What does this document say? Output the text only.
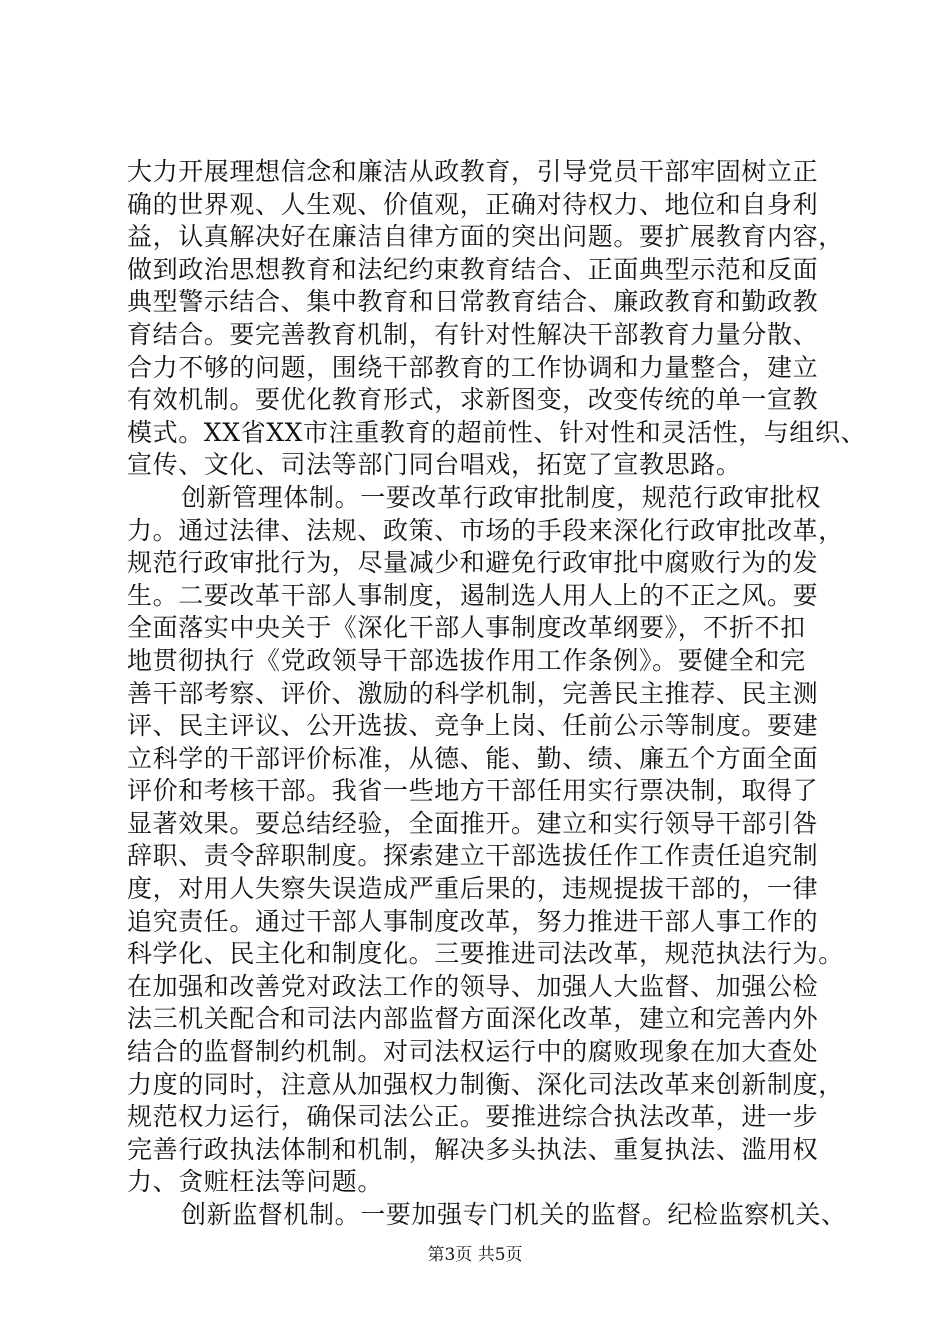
大力开展理想信念和廉洁从政教育，引导党员干部牢固树立正
确的世界观、人生观、价值观，正确对待权力、地位和自身利
益，认真解决好在廉洁自律方面的突出问题。要扩展教育内容，
做到政治思想教育和法纪约束教育结合、正面典型示范和反面
典型警示结合、集中教育和日常教育结合、廉政教育和勤政教
育结合。要完善教育机制，有针对性解决干部教育力量分散、
合力不够的问题，围绕干部教育的工作协调和力量整合，建立
有效机制。要优化教育形式，求新图变，改变传统的单一宣教
模式。XX省XX市注重教育的超前性、针对性和灵活性，与组织、
宣传、文化、司法等部门同台唱戏，拓宽了宣教思路。
创新管理体制。一要改革行政审批制度，规范行政审批权
力。通过法律、法规、政策、市场的手段来深化行政审批改革，
规范行政审批行为，尽量减少和避免行政审批中腐败行为的发
生。二要改革干部人事制度，遏制选人用人上的不正之风。要
全面落实中央关于《深化干部人事制度改革纲要》，不折不扣
地贯彻执行《党政领导干部选拔作用工作条例》。要健全和完
善干部考察、评价、激励的科学机制，完善民主推荐、民主测
评、民主评议、公开选拔、竞争上岗、任前公示等制度。要建
立科学的干部评价标准，从德、能、勤、绩、廉五个方面全面
评价和考核干部。我省一些地方干部任用实行票决制，取得了
显著效果。要总结经验，全面推开。建立和实行领导干部引咎
辞职、责令辞职制度。探索建立干部选拔任作工作责任追究制
度，对用人失察失误造成严重后果的，违规提拔干部的，一律
追究责任。通过干部人事制度改革，努力推进干部人事工作的
科学化、民主化和制度化。三要推进司法改革，规范执法行为。
在加强和改善党对政法工作的领导、加强人大监督、加强公检
法三机关配合和司法内部监督方面深化改革，建立和完善内外
结合的监督制约机制。对司法权运行中的腐败现象在加大查处
力度的同时，注意从加强权力制衡、深化司法改革来创新制度，
规范权力运行，确保司法公正。要推进综合执法改革，进一步
完善行政执法体制和机制，解决多头执法、重复执法、滥用权
力、贪赃枉法等问题。
创新监督机制。一要加强专门机关的监督。纪检监察机关、
第3页 共5页
